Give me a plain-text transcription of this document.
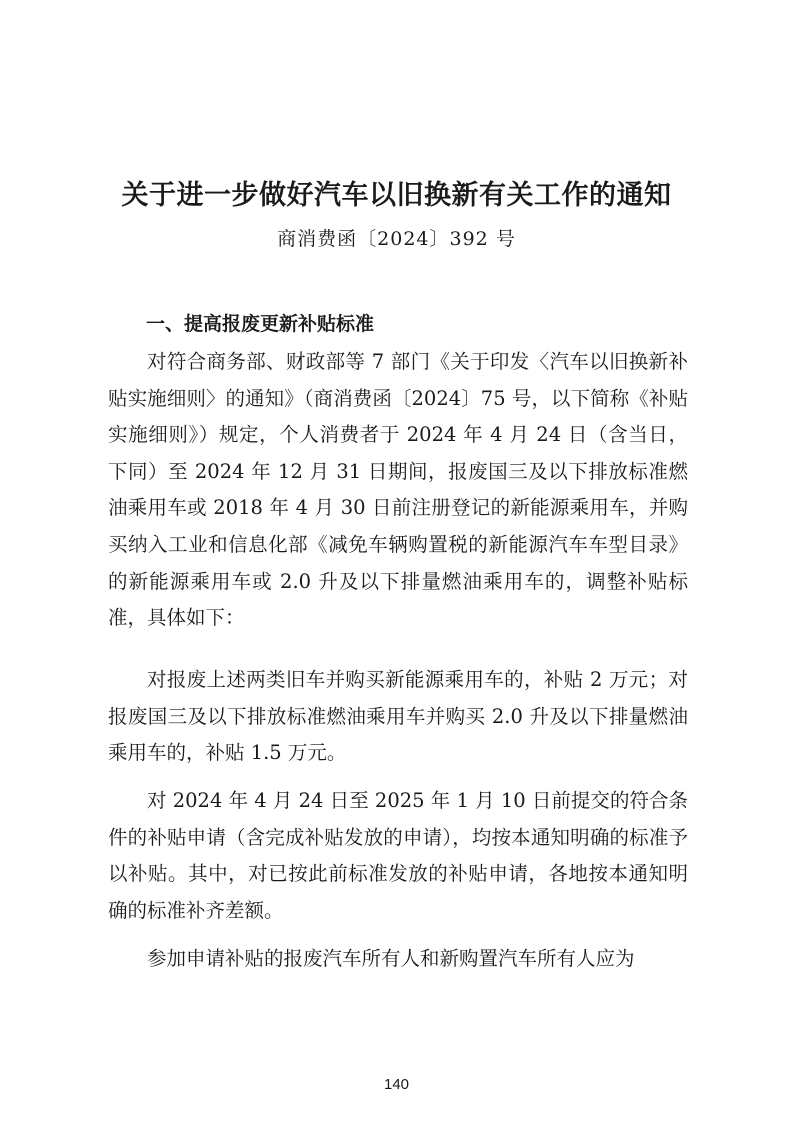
关于进一步做好汽车以旧换新有关工作的通知
商消费函〔2024〕392 号
一、提高报废更新补贴标准

对符合商务部、财政部等 7 部门《关于印发〈汽车以旧换新补贴实施细则〉的通知》（商消费函〔2024〕75 号，以下简称《补贴实施细则》）规定，个人消费者于 2024 年 4 月 24 日（含当日，下同）至 2024 年 12 月 31 日期间，报废国三及以下排放标准燃油乘用车或 2018 年 4 月 30 日前注册登记的新能源乘用车，并购买纳入工业和信息化部《减免车辆购置税的新能源汽车车型目录》的新能源乘用车或 2.0 升及以下排量燃油乘用车的，调整补贴标准，具体如下：

对报废上述两类旧车并购买新能源乘用车的，补贴 2 万元；对报废国三及以下排放标准燃油乘用车并购买 2.0 升及以下排量燃油乘用车的，补贴 1.5 万元。

对 2024 年 4 月 24 日至 2025 年 1 月 10 日前提交的符合条件的补贴申请（含完成补贴发放的申请），均按本通知明确的标准予以补贴。其中，对已按此前标准发放的补贴申请，各地按本通知明确的标准补齐差额。

参加申请补贴的报废汽车所有人和新购置汽车所有人应为

140
